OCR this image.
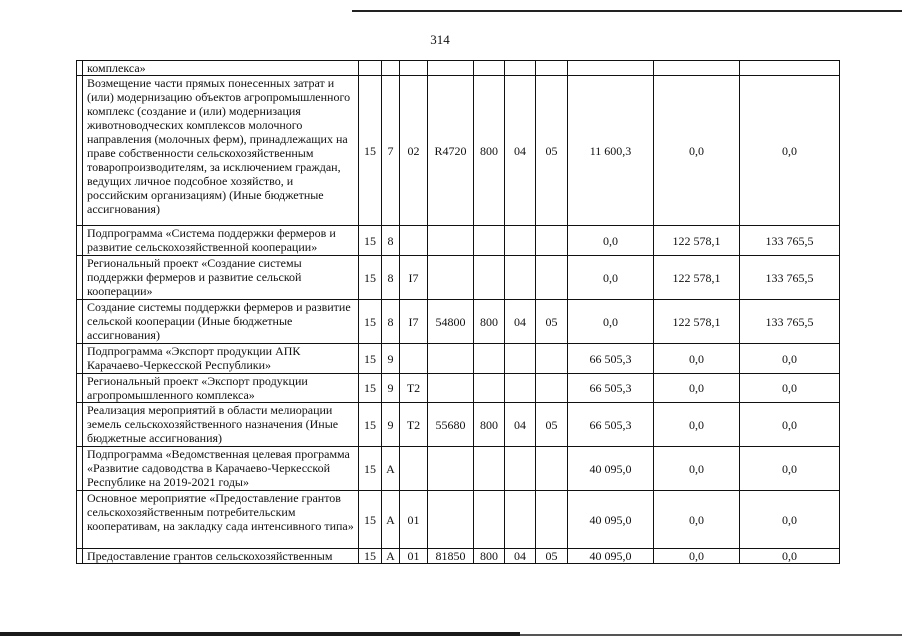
314
	комплекса»										
	Возмещение части прямых понесенных затрат и (или) модернизацию объектов агропромышленного комплекс (создание и (или) модернизация животноводческих комплексов молочного направления (молочных ферм), принадлежащих на праве собственности сельскохозяйственным товаропроизводителям, за исключением граждан, ведущих личное подсобное хозяйство, и российским организациям) (Иные бюджетные ассигнования)	15	7	02	R4720	800	04	05	11 600,3	0,0	0,0
	Подпрограмма «Система поддержки фермеров и развитие сельскохозяйственной кооперации»	15	8						0,0	122 578,1	133 765,5
	Региональный проект «Создание системы поддержки фермеров и развитие сельской кооперации»	15	8	I7					0,0	122 578,1	133 765,5
	Создание системы поддержки фермеров и развитие сельской кооперации (Иные бюджетные ассигнования)	15	8	I7	54800	800	04	05	0,0	122 578,1	133 765,5
	Подпрограмма «Экспорт продукции АПК Карачаево-Черкесской Республики»	15	9						66 505,3	0,0	0,0
	Региональный проект «Экспорт продукции агропромышленного комплекса»	15	9	T2					66 505,3	0,0	0,0
	Реализация мероприятий в области мелиорации земель сельскохозяйственного назначения (Иные бюджетные ассигнования)	15	9	T2	55680	800	04	05	66 505,3	0,0	0,0
	Подпрограмма «Ведомственная целевая программа «Развитие садоводства в Карачаево-Черкесской Республике на 2019-2021 годы»	15	А						40 095,0	0,0	0,0
	Основное мероприятие «Предоставление грантов сельскохозяйственным потребительским кооперативам, на закладку сада интенсивного типа»	15	А	01					40 095,0	0,0	0,0
	Предоставление грантов сельскохозяйственным	15	А	01	81850	800	04	05	40 095,0	0,0	0,0
